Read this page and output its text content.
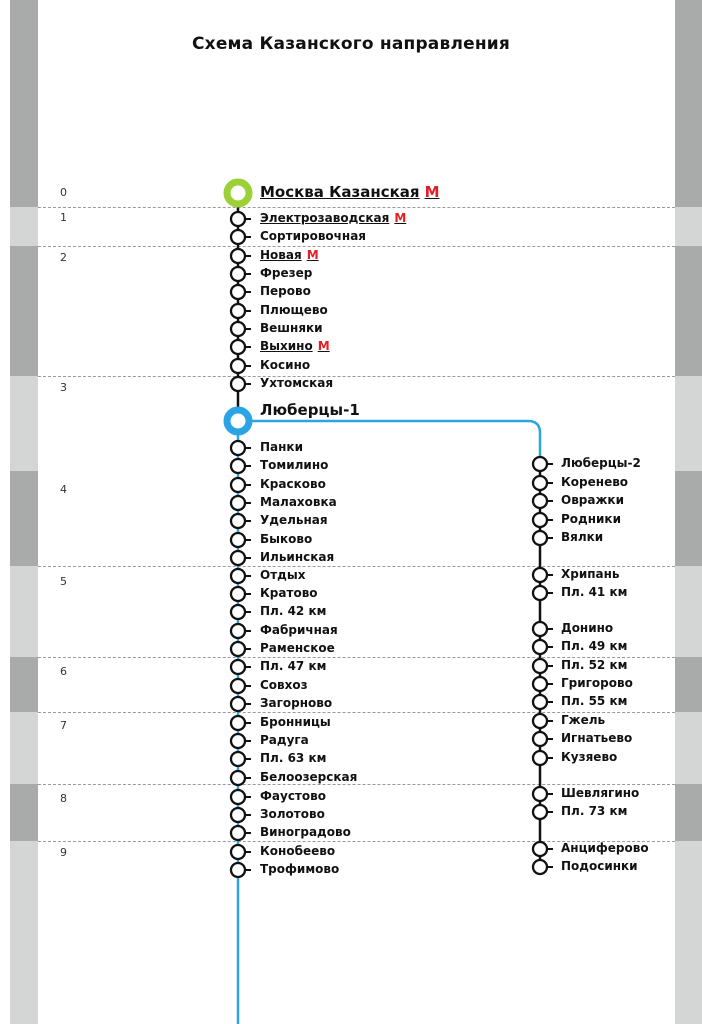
Схема Казанского направления
0
1
2
3
4
5
6
7
8
9
Москва Казанская М
Электрозаводская М
Сортировочная
Новая М
Фрезер
Перово
Плющево
Вешняки
Выхино М
Косино
Ухтомская
Люберцы-1
Панки
Томилино
Красково
Малаховка
Удельная
Быково
Ильинская
Отдых
Кратово
Пл. 42 км
Фабричная
Раменское
Пл. 47 км
Совхоз
Загорново
Бронницы
Радуга
Пл. 63 км
Белоозерская
Фаустово
Золотово
Виноградово
Конобеево
Трофимово
Люберцы-2
Коренево
Овражки
Родники
Вялки
Хрипань
Пл. 41 км
Донино
Пл. 49 км
Пл. 52 км
Григорово
Пл. 55 км
Гжель
Игнатьево
Кузяево
Шевлягино
Пл. 73 км
Анциферово
Подосинки
